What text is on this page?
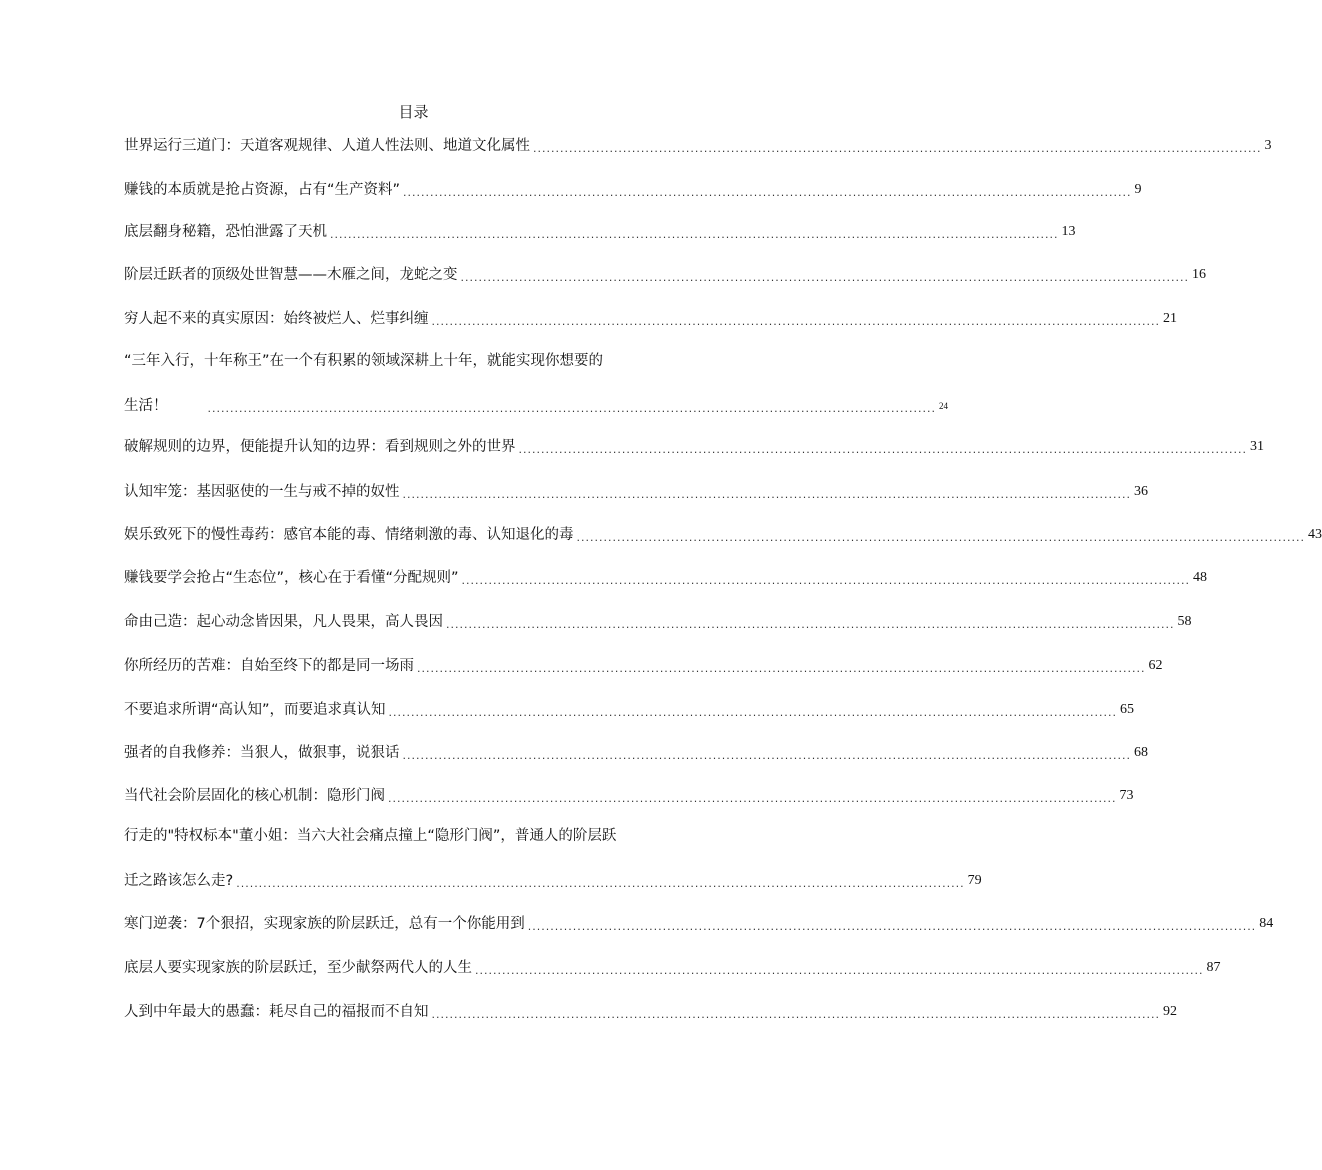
目录
世界运行三道门：天道客观规律、人道人性法则、地道文化属性 .................................................................................................................................................................. 3
赚钱的本质就是抢占资源，占有“生产资料” .................................................................................................................................................................. 9
底层翻身秘籍，恐怕泄露了天机 .................................................................................................................................................................. 13
阶层迁跃者的顶级处世智慧——木雁之间，龙蛇之变 .................................................................................................................................................................. 16
穷人起不来的真实原因：始终被烂人、烂事纠缠 .................................................................................................................................................................. 21
“三年入行，十年称王”在一个有积累的领域深耕上十年，就能实现你想要的
生活！	.................................................................................................................................................................. 24
破解规则的边界，便能提升认知的边界：看到规则之外的世界 .................................................................................................................................................................. 31
认知牢笼：基因驱使的一生与戒不掉的奴性 .................................................................................................................................................................. 36
娱乐致死下的慢性毒药：感官本能的毒、情绪刺激的毒、认知退化的毒 .................................................................................................................................................................. 43
赚钱要学会抢占“生态位”，核心在于看懂“分配规则” .................................................................................................................................................................. 48
命由己造：起心动念皆因果，凡人畏果，高人畏因 .................................................................................................................................................................. 58
你所经历的苦难：自始至终下的都是同一场雨 .................................................................................................................................................................. 62
不要追求所谓“高认知”，而要追求真认知 .................................................................................................................................................................. 65
强者的自我修养：当狠人，做狠事，说狠话 .................................................................................................................................................................. 68
当代社会阶层固化的核心机制：隐形门阀 .................................................................................................................................................................. 73
行走的"特权标本"董小姐：当六大社会痛点撞上“隐形门阀”，普通人的阶层跃
迁之路该怎么走? .................................................................................................................................................................. 79
寒门逆袭：7个狠招，实现家族的阶层跃迁，总有一个你能用到 .................................................................................................................................................................. 84
底层人要实现家族的阶层跃迁，至少献祭两代人的人生 .................................................................................................................................................................. 87
人到中年最大的愚蠢：耗尽自己的福报而不自知 .................................................................................................................................................................. 92
